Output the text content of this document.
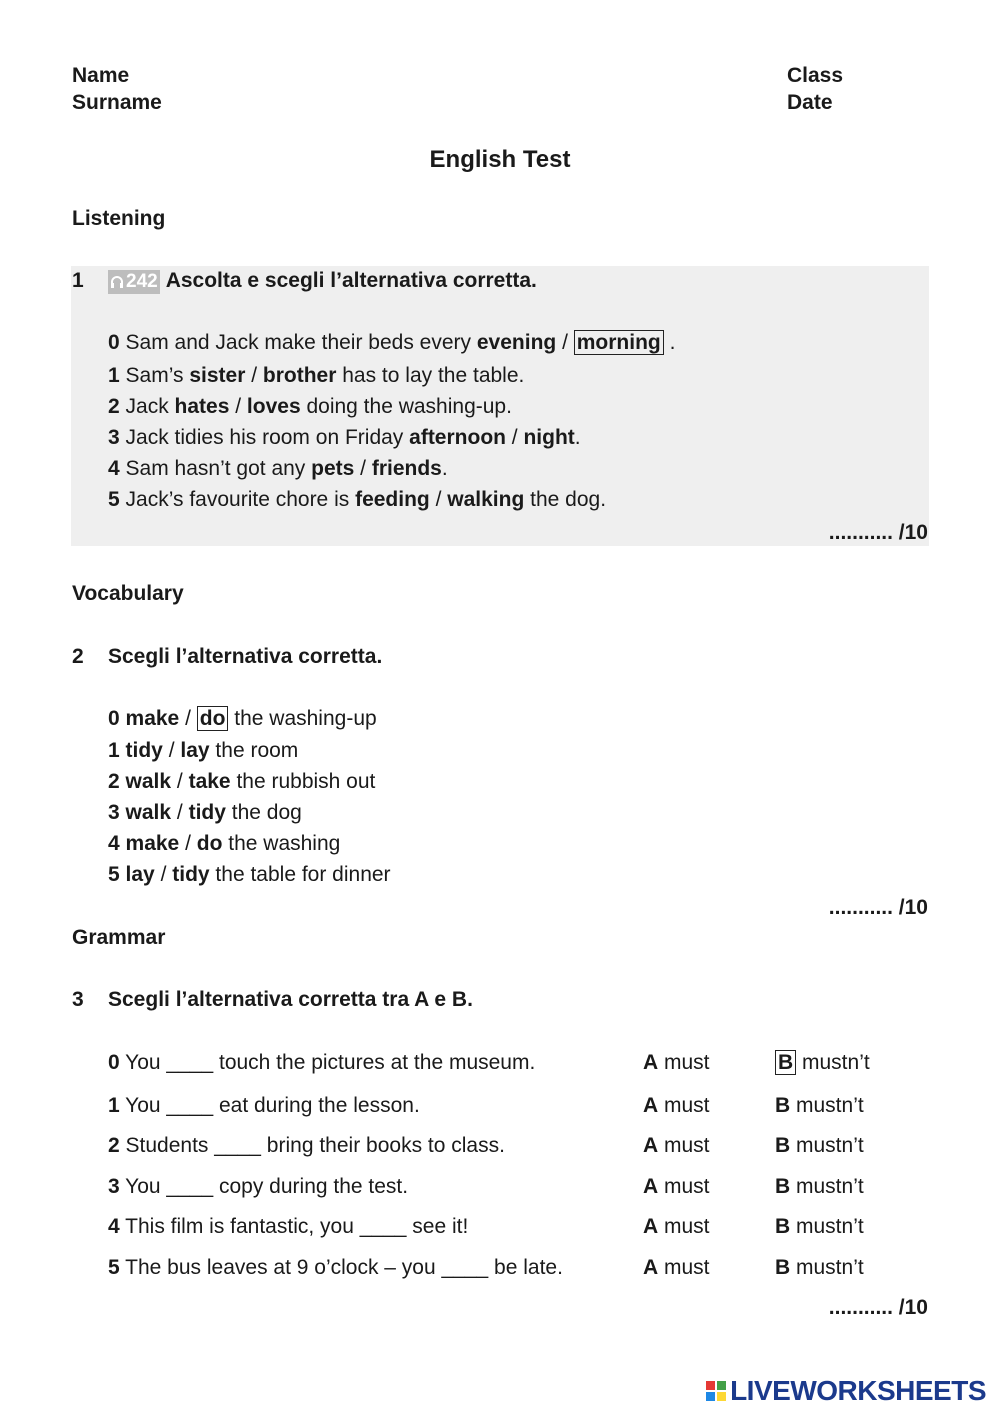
Name
Surname
Class
Date
English Test
Listening
1	242 Ascolta e scegli l’alternativa corretta.
0 Sam and Jack make their beds every evening / morning .
1 Sam’s sister / brother has to lay the table.
2 Jack hates / loves doing the washing-up.
3 Jack tidies his room on Friday afternoon / night.
4 Sam hasn’t got any pets / friends.
5 Jack’s favourite chore is feeding / walking the dog.
........... /10
Vocabulary
2 Scegli l’alternativa corretta.
0 make / do the washing-up
1 tidy / lay the room
2 walk / take the rubbish out
3 walk / tidy the dog
4 make / do the washing
5 lay / tidy the table for dinner
........... /10
Grammar
3 Scegli l’alternativa corretta tra A e B.
0 You ____ touch the pictures at the museum.	A must	B mustn’t
1 You ____ eat during the lesson.	A must	B mustn’t
2 Students ____ bring their books to class.	A must	B mustn’t
3 You ____ copy during the test.	A must	B mustn’t
4 This film is fantastic, you ____ see it!	A must	B mustn’t
5 The bus leaves at 9 o’clock – you ____ be late.	A must	B mustn’t
........... /10
LIVEWORKSHEETS
